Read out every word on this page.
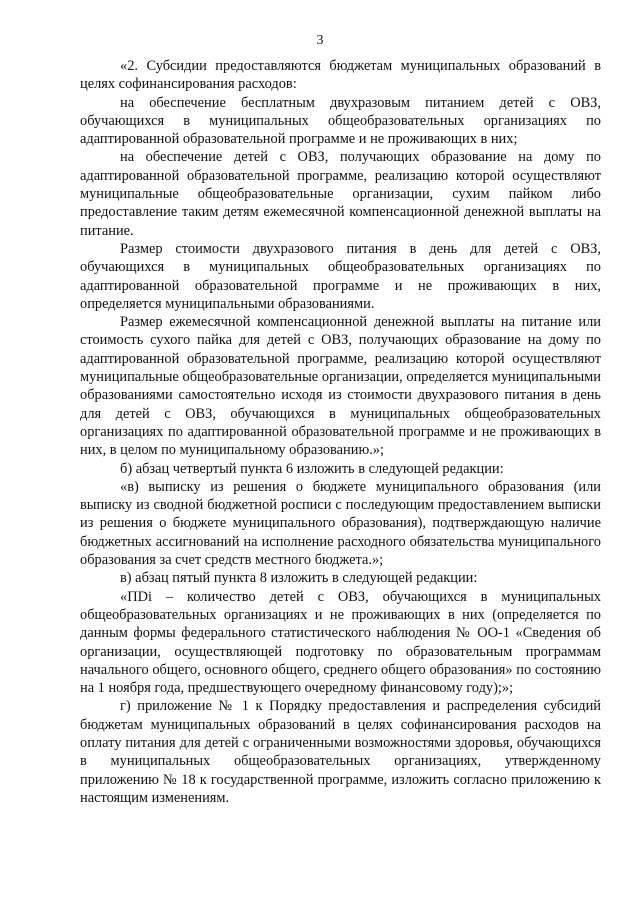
3

«2. Субсидии предоставляются бюджетам муниципальных образований в целях софинансирования расходов:

на обеспечение бесплатным двухразовым питанием детей с ОВЗ, обучающихся в муниципальных общеобразовательных организациях по адаптированной образовательной программе и не проживающих в них;

на обеспечение детей с ОВЗ, получающих образование на дому по адаптированной образовательной программе, реализацию которой осуществляют муниципальные общеобразовательные организации, сухим пайком либо предоставление таким детям ежемесячной компенсационной денежной выплаты на питание.

Размер стоимости двухразового питания в день для детей с ОВЗ, обучающихся в муниципальных общеобразовательных организациях по адаптированной образовательной программе и не проживающих в них, определяется муниципальными образованиями.

Размер ежемесячной компенсационной денежной выплаты на питание или стоимость сухого пайка для детей с ОВЗ, получающих образование на дому по адаптированной образовательной программе, реализацию которой осуществляют муниципальные общеобразовательные организации, определяется муниципальными образованиями самостоятельно исходя из стоимости двухразового питания в день для детей с ОВЗ, обучающихся в муниципальных общеобразовательных организациях по адаптированной образовательной программе и не проживающих в них, в целом по муниципальному образованию.»;

б) абзац четвертый пункта 6 изложить в следующей редакции:

«в) выписку из решения о бюджете муниципального образования (или выписку из сводной бюджетной росписи с последующим предоставлением выписки из решения о бюджете муниципального образования), подтверждающую наличие бюджетных ассигнований на исполнение расходного обязательства муниципального образования за счет средств местного бюджета.»;

в) абзац пятый пункта 8 изложить в следующей редакции:

«ПDi – количество детей с ОВЗ, обучающихся в муниципальных общеобразовательных организациях и не проживающих в них (определяется по данным формы федерального статистического наблюдения № ОО-1 «Сведения об организации, осуществляющей подготовку по образовательным программам начального общего, основного общего, среднего общего образования» по состоянию на 1 ноября года, предшествующего очередному финансовому году);»;

г) приложение № 1 к Порядку предоставления и распределения субсидий бюджетам муниципальных образований в целях софинансирования расходов на оплату питания для детей с ограниченными возможностями здоровья, обучающихся в муниципальных общеобразовательных организациях, утвержденному приложению № 18 к государственной программе, изложить согласно приложению к настоящим изменениям.
